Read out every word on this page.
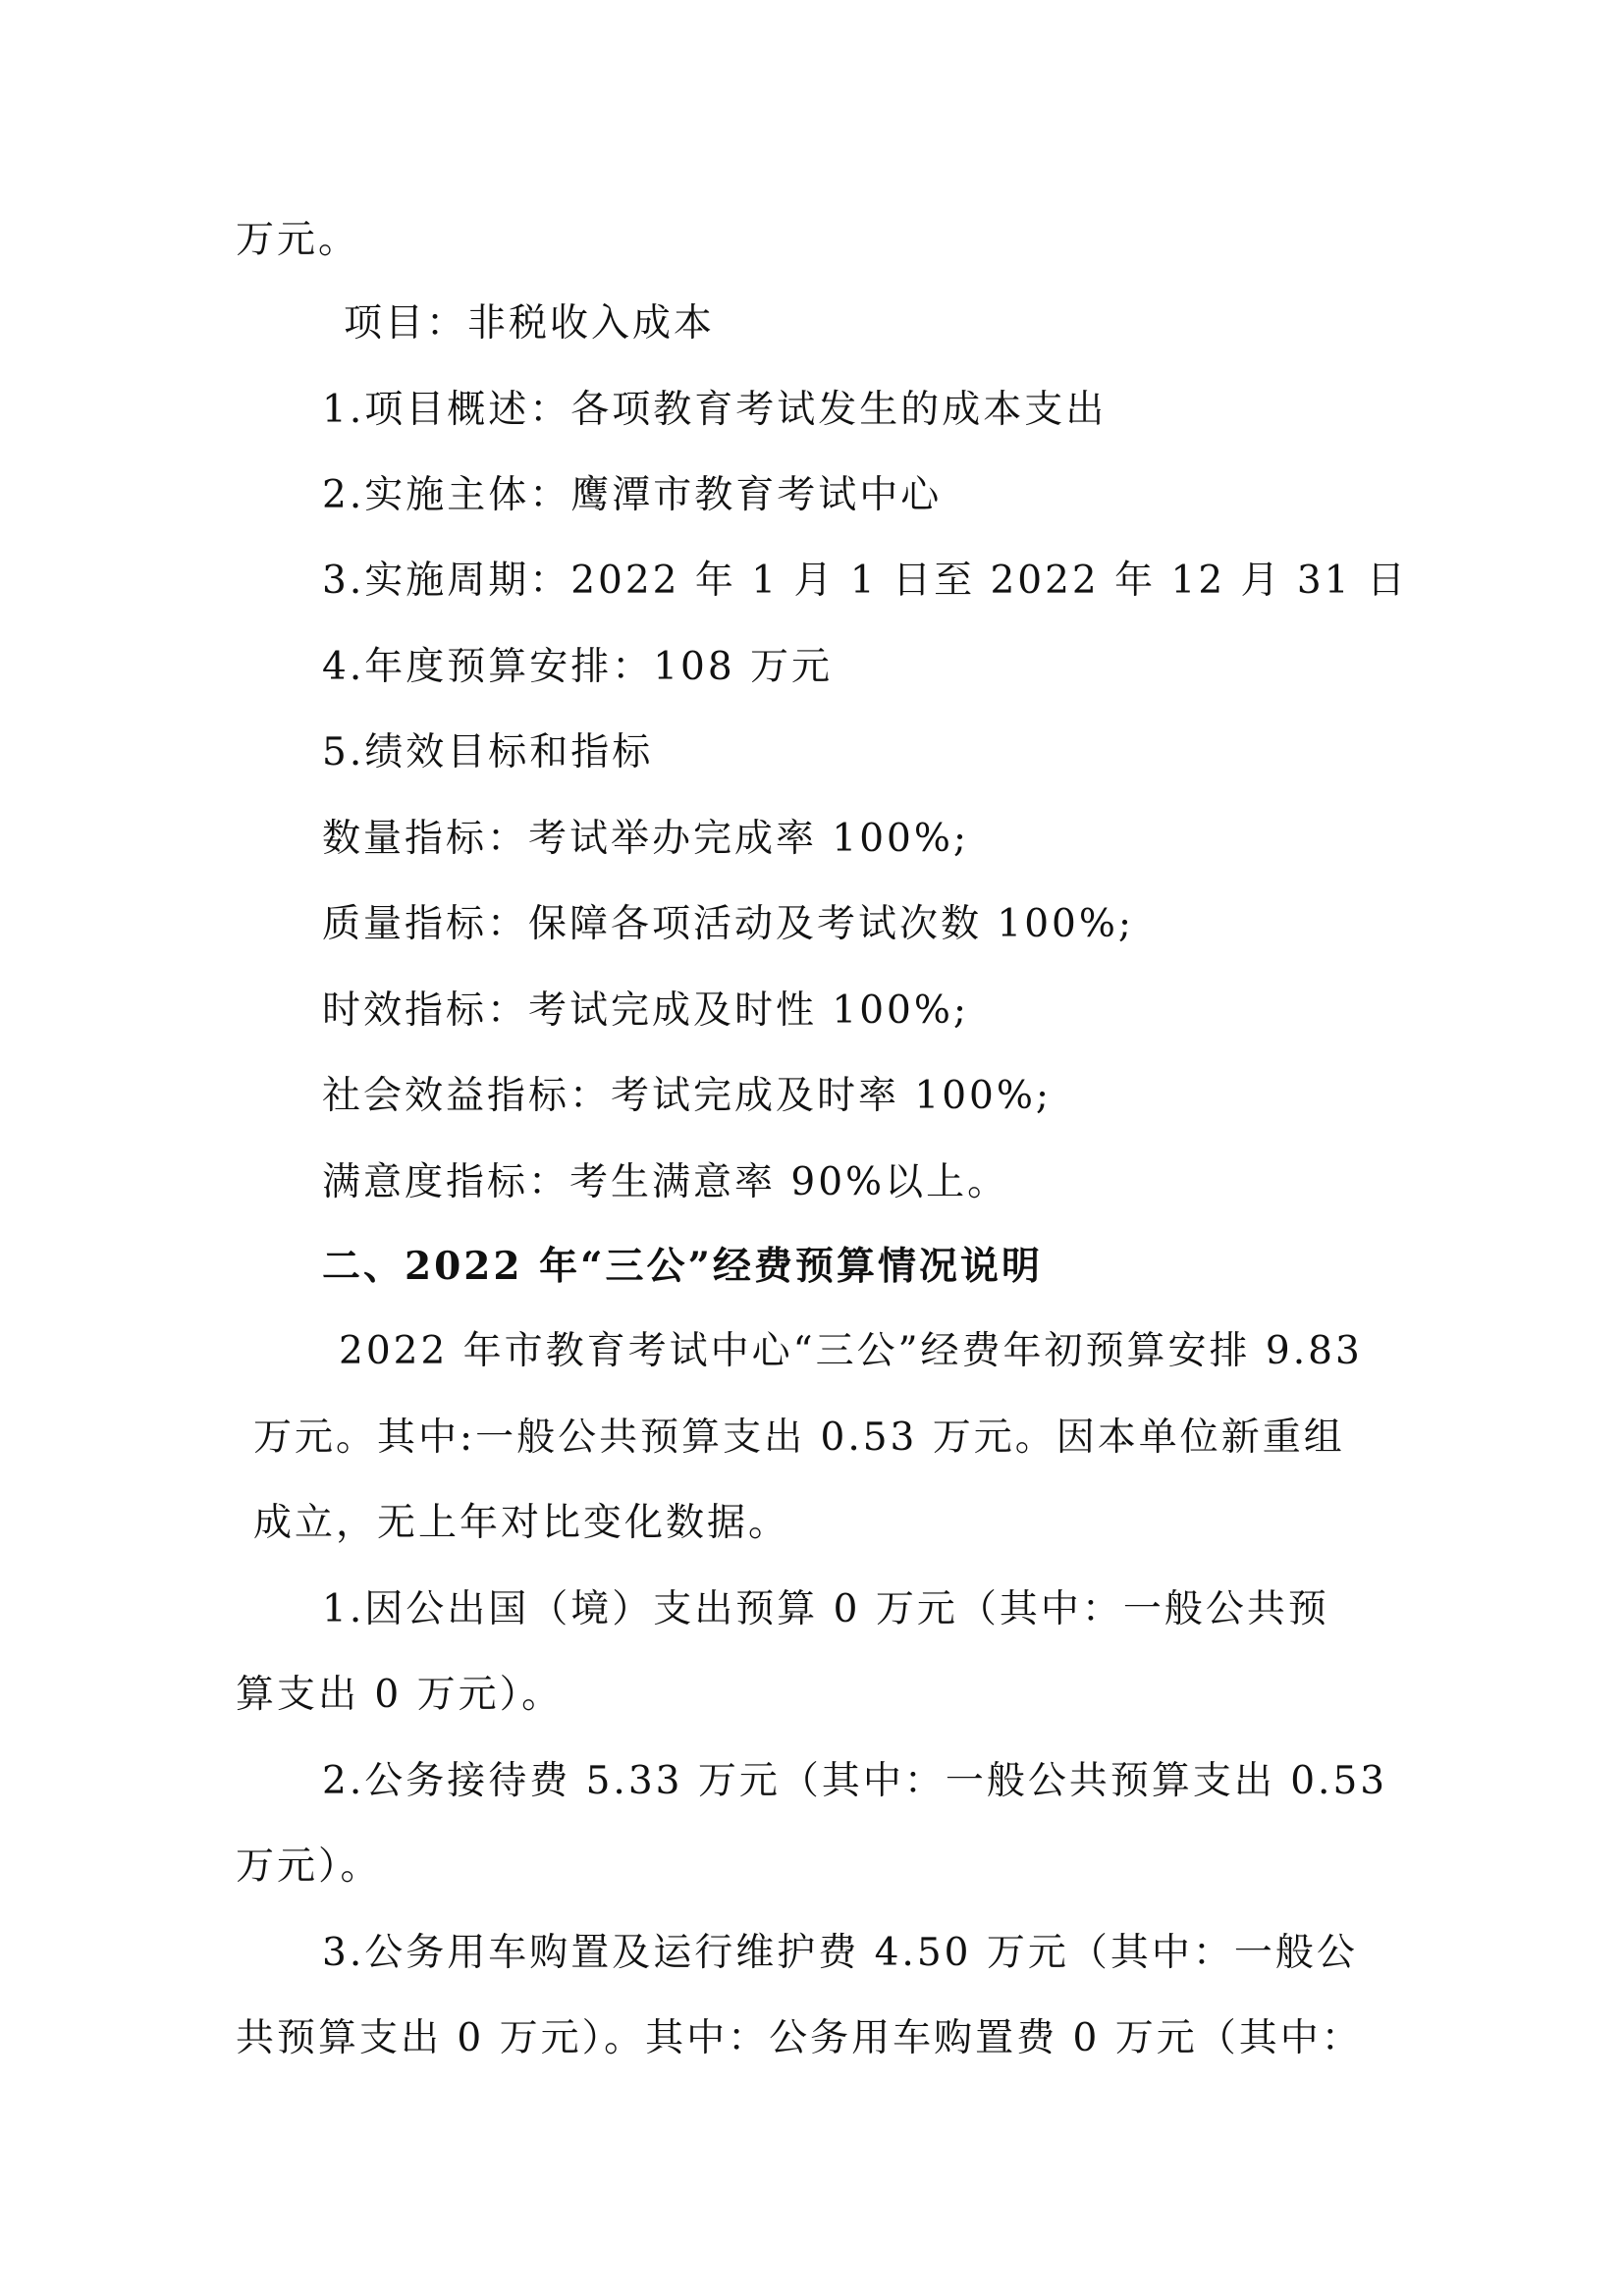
万元。
项目：非税收入成本
1.项目概述：各项教育考试发生的成本支出
2.实施主体：鹰潭市教育考试中心
3.实施周期：2022 年 1 月 1 日至 2022 年 12 月 31 日
4.年度预算安排：108 万元
5.绩效目标和指标
数量指标：考试举办完成率 100%;
质量指标：保障各项活动及考试次数 100%;
时效指标：考试完成及时性 100%;
社会效益指标：考试完成及时率 100%;
满意度指标：考生满意率 90%以上。
二、2022 年“三公”经费预算情况说明
2022 年市教育考试中心“三公”经费年初预算安排 9.83
万元。其中:一般公共预算支出 0.53 万元。因本单位新重组
成立，无上年对比变化数据。
1.因公出国（境）支出预算 0 万元（其中：一般公共预
算支出 0 万元）。
2.公务接待费 5.33 万元（其中：一般公共预算支出 0.53
万元）。
3.公务用车购置及运行维护费 4.50 万元（其中：一般公
共预算支出 0 万元）。其中：公务用车购置费 0 万元（其中：
